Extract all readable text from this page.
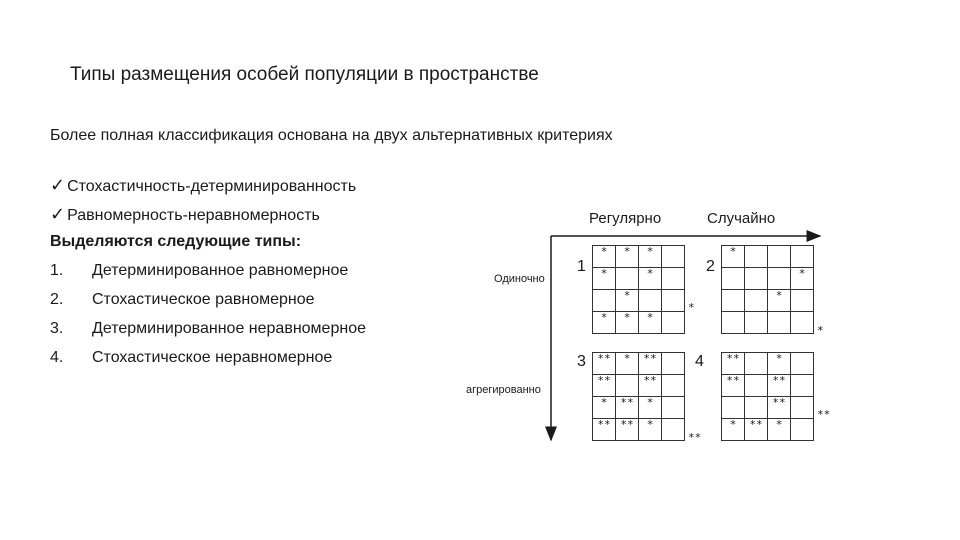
Типы размещения особей популяции в пространстве
Более полная классификация основана на двух альтернативных критериях
✓ Стохастичность-детерминированность
✓ Равномерность-неравномерность
Выделяются следующие типы:
1. Детерминированное равномерное
2. Стохастическое равномерное
3. Детерминированное неравномерное
4. Стохастическое неравномерное
Регулярно	Случайно
Одиночно
агрегированно
1	2
3	4
*	*	*	
*		*	
	*		
*	*	*	
*			
			*
		*	

**	*	**	
**		**	
*	**	*	
**	**	*	
**		*	
**		**	
		**	
*	**	*	
*
*
**
**
